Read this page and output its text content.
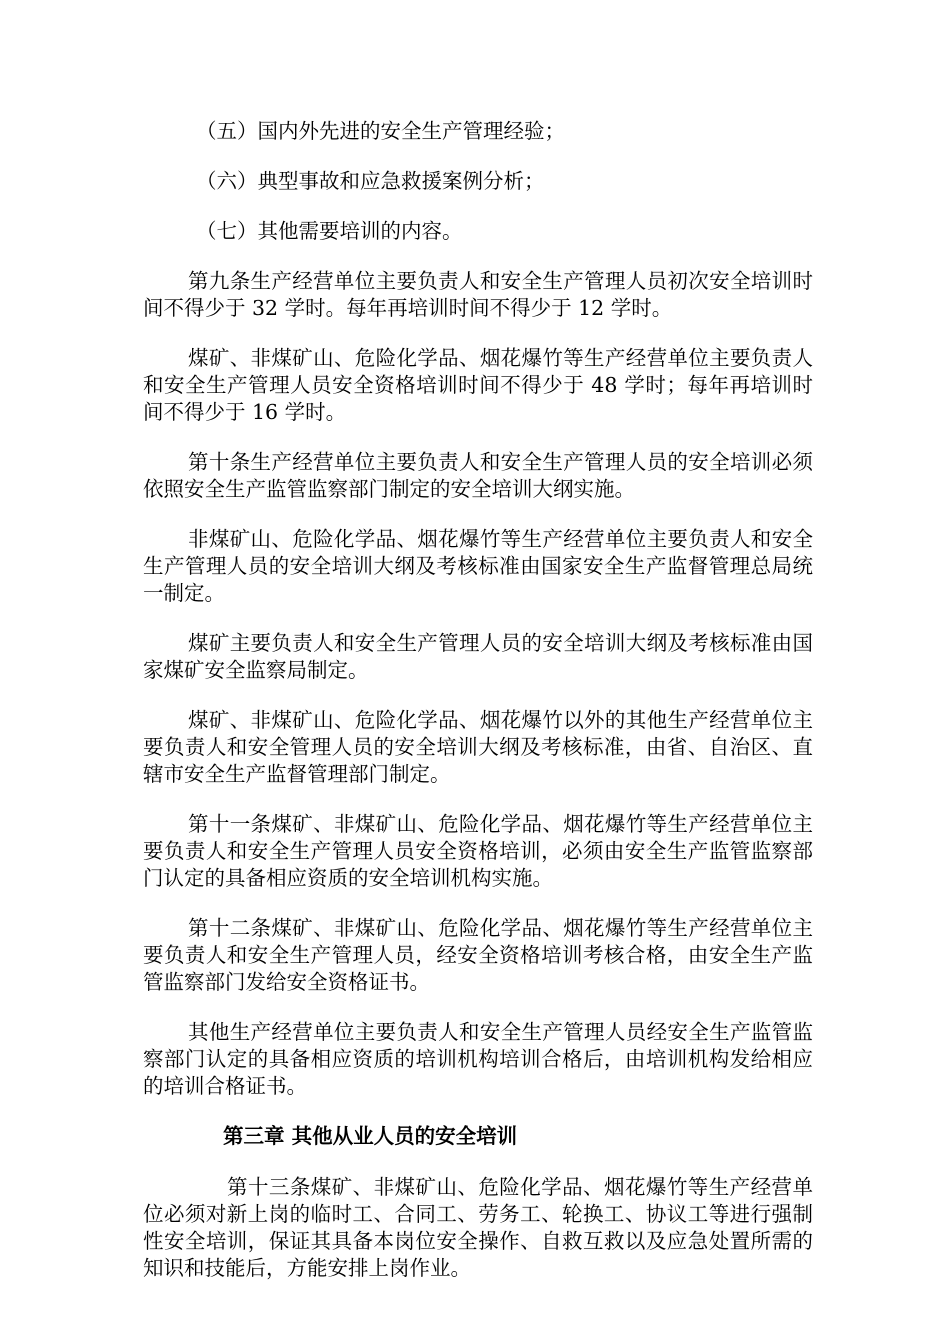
（五）国内外先进的安全生产管理经验；

（六）典型事故和应急救援案例分析；

（七）其他需要培训的内容。

第九条生产经营单位主要负责人和安全生产管理人员初次安全培训时间不得少于 32 学时。每年再培训时间不得少于 12 学时。

煤矿、非煤矿山、危险化学品、烟花爆竹等生产经营单位主要负责人和安全生产管理人员安全资格培训时间不得少于 48 学时；每年再培训时间不得少于 16 学时。

第十条生产经营单位主要负责人和安全生产管理人员的安全培训必须依照安全生产监管监察部门制定的安全培训大纲实施。

非煤矿山、危险化学品、烟花爆竹等生产经营单位主要负责人和安全生产管理人员的安全培训大纲及考核标准由国家安全生产监督管理总局统一制定。

煤矿主要负责人和安全生产管理人员的安全培训大纲及考核标准由国家煤矿安全监察局制定。

煤矿、非煤矿山、危险化学品、烟花爆竹以外的其他生产经营单位主要负责人和安全管理人员的安全培训大纲及考核标准，由省、自治区、直辖市安全生产监督管理部门制定。

第十一条煤矿、非煤矿山、危险化学品、烟花爆竹等生产经营单位主要负责人和安全生产管理人员安全资格培训，必须由安全生产监管监察部门认定的具备相应资质的安全培训机构实施。

第十二条煤矿、非煤矿山、危险化学品、烟花爆竹等生产经营单位主要负责人和安全生产管理人员，经安全资格培训考核合格，由安全生产监管监察部门发给安全资格证书。

其他生产经营单位主要负责人和安全生产管理人员经安全生产监管监察部门认定的具备相应资质的培训机构培训合格后，由培训机构发给相应的培训合格证书。

第三章 其他从业人员的安全培训

第十三条煤矿、非煤矿山、危险化学品、烟花爆竹等生产经营单位必须对新上岗的临时工、合同工、劳务工、轮换工、协议工等进行强制性安全培训，保证其具备本岗位安全操作、自救互救以及应急处置所需的知识和技能后，方能安排上岗作业。
